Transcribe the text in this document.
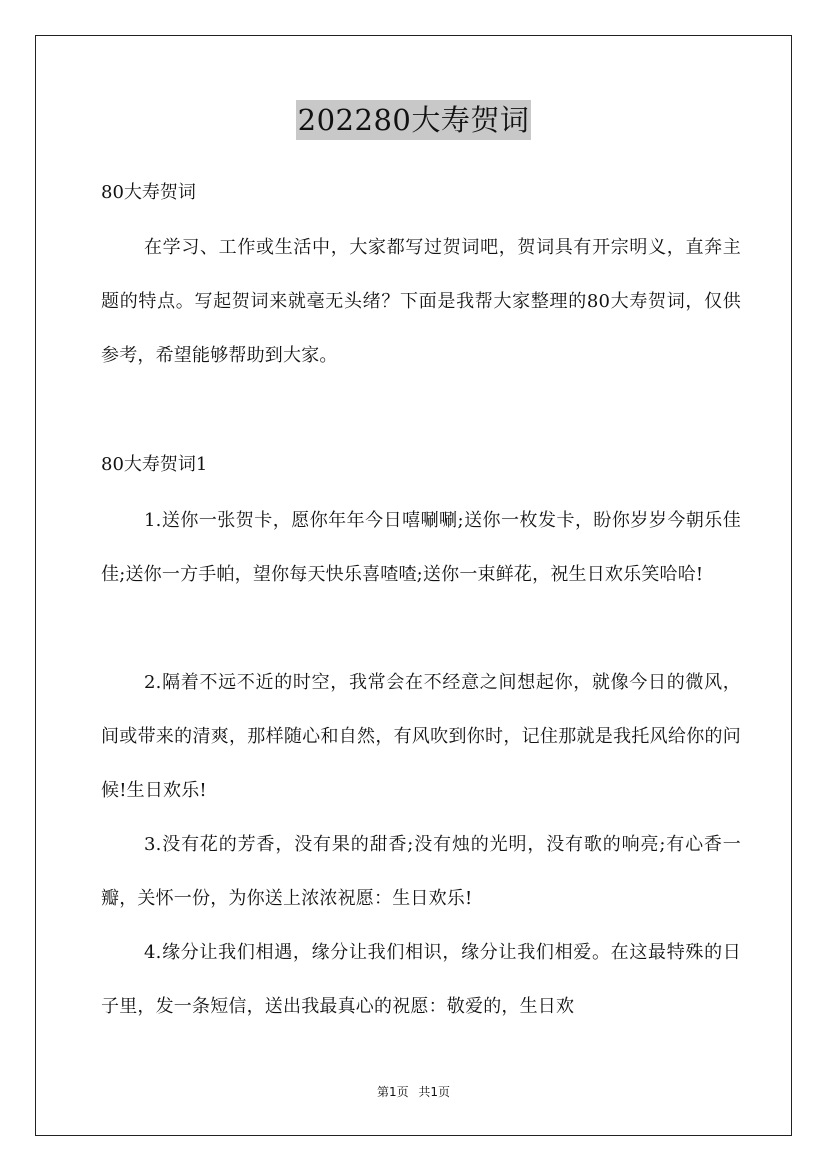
202280大寿贺词
80大寿贺词
在学习、工作或生活中，大家都写过贺词吧，贺词具有开宗明义，直奔主题的特点。写起贺词来就毫无头绪？下面是我帮大家整理的80大寿贺词，仅供参考，希望能够帮助到大家。
80大寿贺词1
1.送你一张贺卡，愿你年年今日嘻唰唰;送你一枚发卡，盼你岁岁今朝乐佳佳;送你一方手帕，望你每天快乐喜喳喳;送你一束鲜花，祝生日欢乐笑哈哈!
2.隔着不远不近的时空，我常会在不经意之间想起你，就像今日的微风，间或带来的清爽，那样随心和自然，有风吹到你时，记住那就是我托风给你的问候!生日欢乐!
3.没有花的芳香，没有果的甜香;没有烛的光明，没有歌的响亮;有心香一瓣，关怀一份，为你送上浓浓祝愿：生日欢乐!
4.缘分让我们相遇，缘分让我们相识，缘分让我们相爱。在这最特殊的日子里，发一条短信，送出我最真心的祝愿：敬爱的，生日欢
第1页 共1页
